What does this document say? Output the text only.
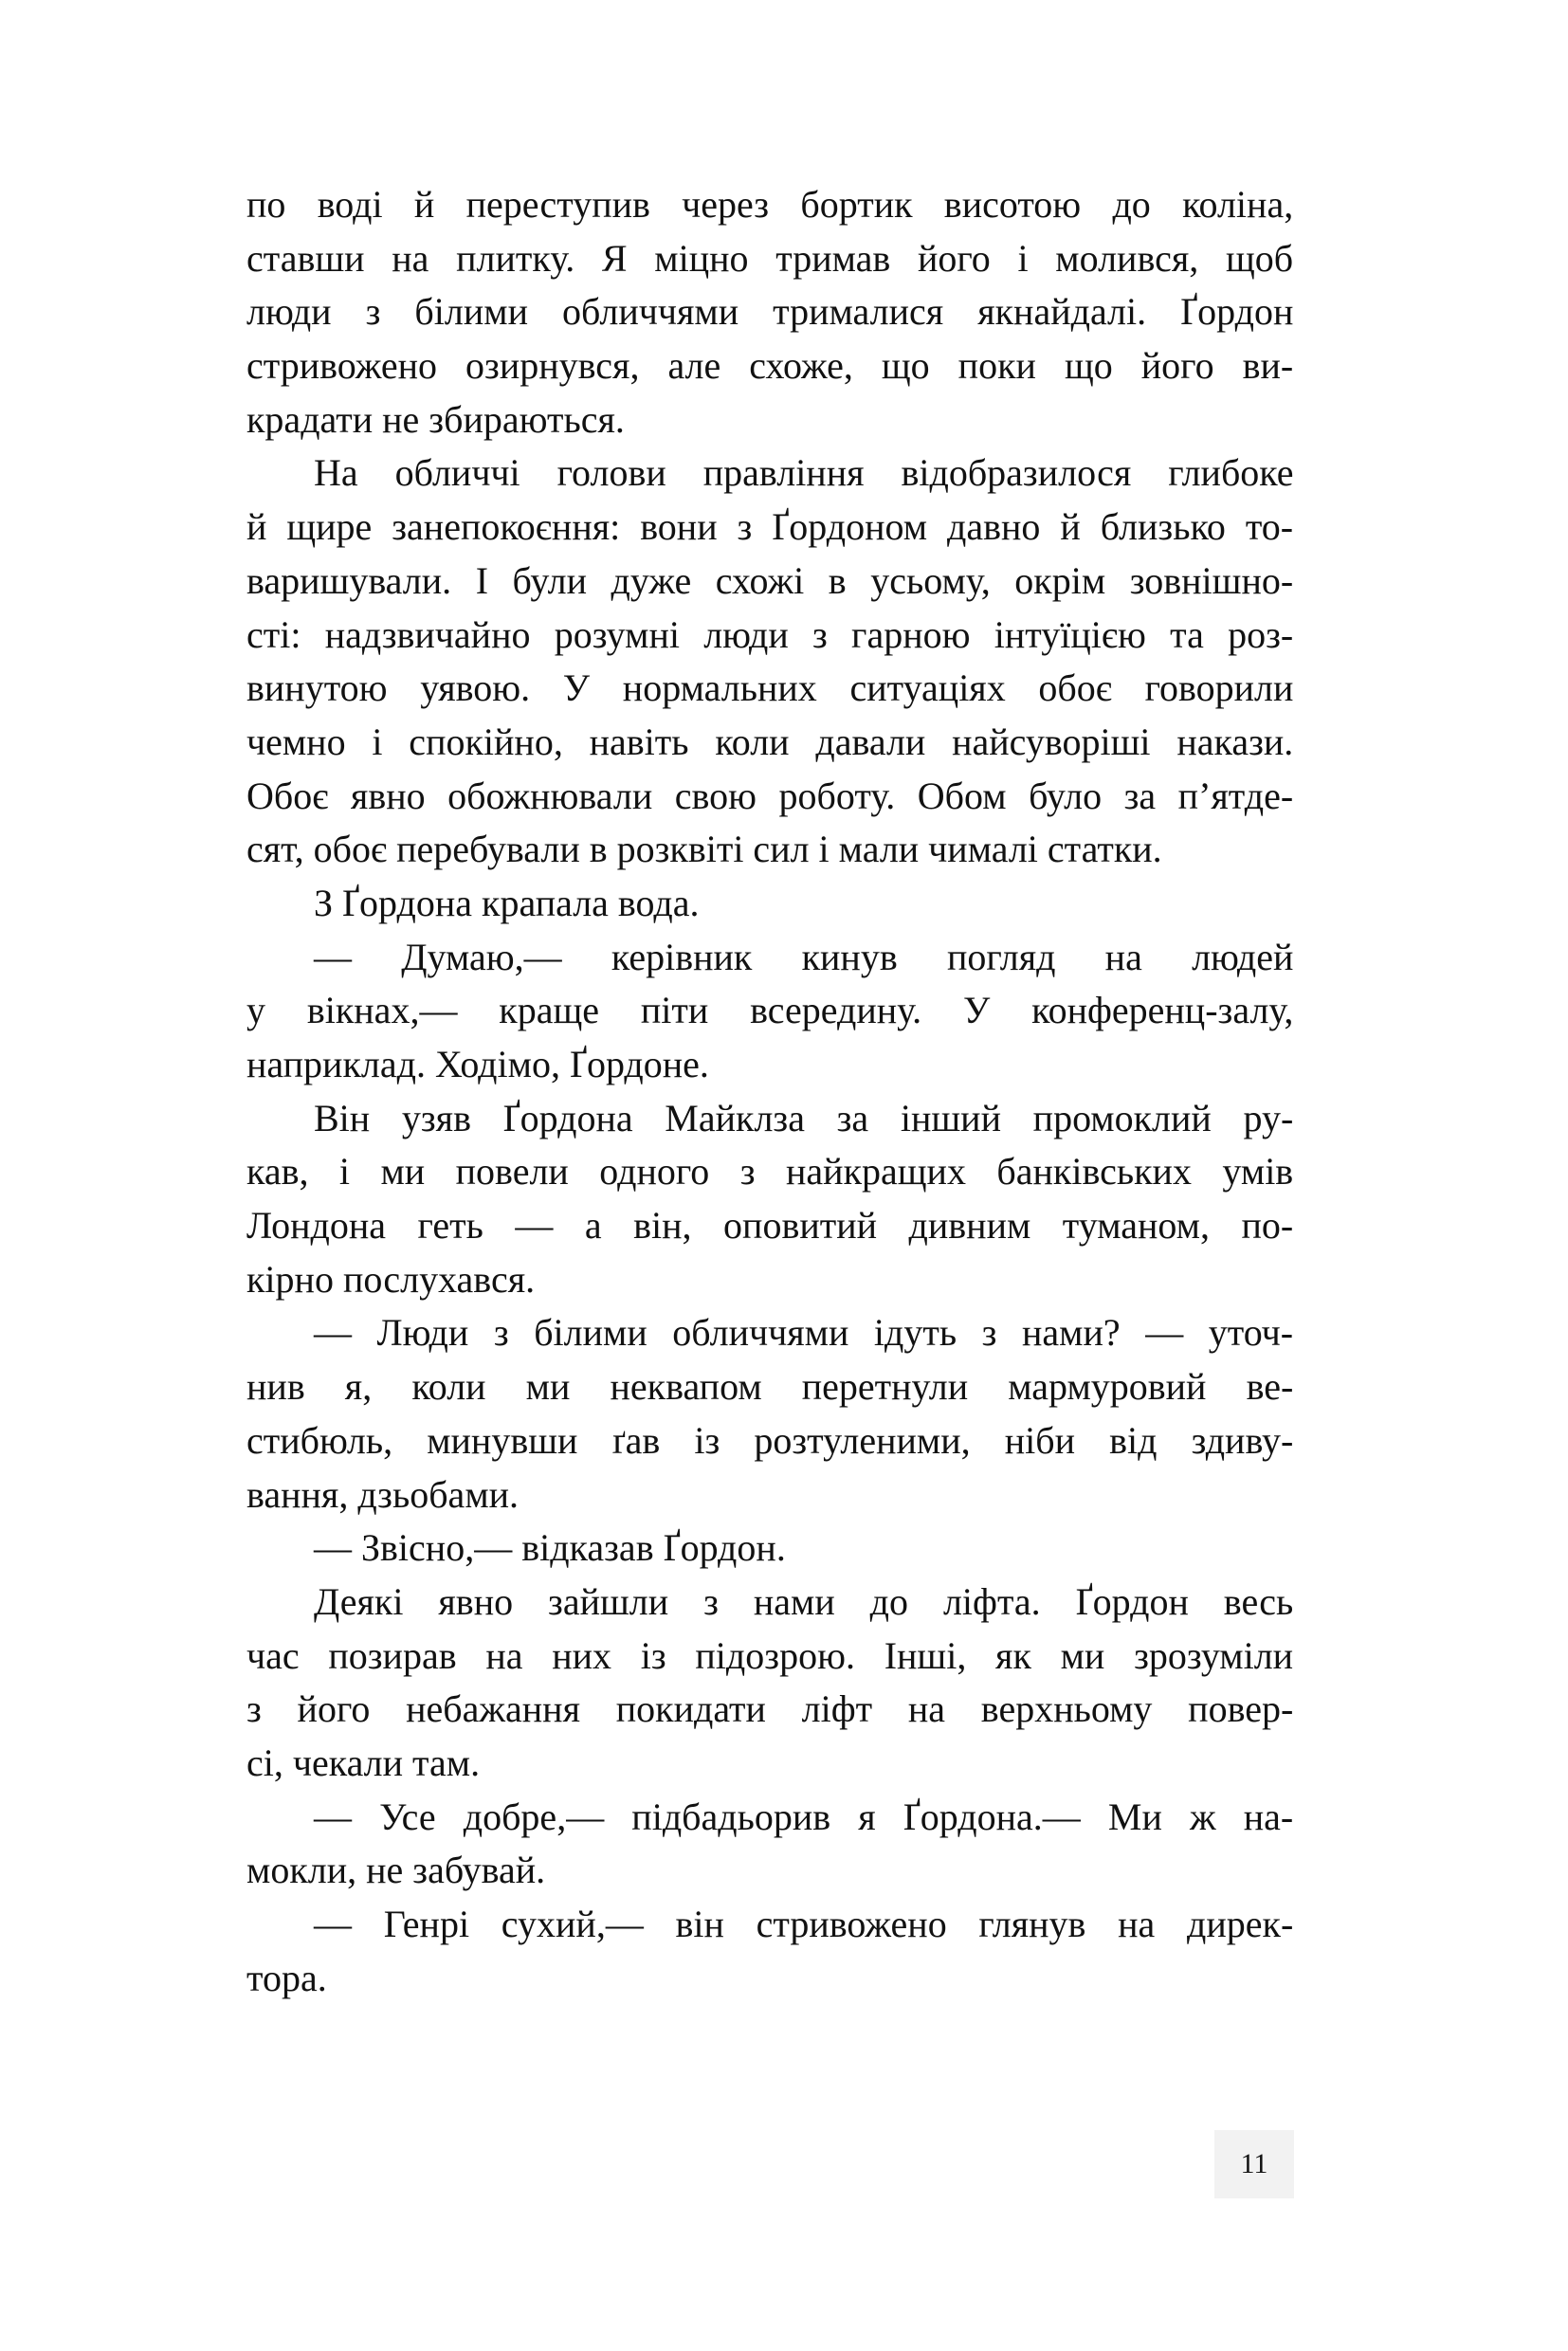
по воді й переступив через бортик висотою до коліна,
ставши на плитку. Я міцно тримав його і молився, щоб
люди з білими обличчями трималися якнайдалі. Ґордон
стривожено озирнувся, але схоже, що поки що його ви-
крадати не збираються.
На обличчі голови правління відобразилося глибоке
й щире занепокоєння: вони з Ґордоном давно й близько то-
варишували. І були дуже схожі в усьому, окрім зовнішно-
сті: надзвичайно розумні люди з гарною інтуїцією та роз-
винутою уявою. У нормальних ситуаціях обоє говорили
чемно і спокійно, навіть коли давали найсуворіші накази.
Обоє явно обожнювали свою роботу. Обом було за п’ятде-
сят, обоє перебували в розквіті сил і мали чималі статки.
З Ґордона крапала вода.
— Думаю,— керівник кинув погляд на людей
у вікнах,— краще піти всередину. У конференц-залу,
наприклад. Ходімо, Ґордоне.
Він узяв Ґордона Майклза за інший промоклий ру-
кав, і ми повели одного з найкращих банківських умів
Лондона геть — а він, оповитий дивним туманом, по-
кірно послухався.
— Люди з білими обличчями ідуть з нами? — уточ-
нив я, коли ми неквапом перетнули мармуровий ве-
стибюль, минувши ґав із розтуленими, ніби від здиву-
вання, дзьобами.
— Звісно,— відказав Ґордон.
Деякі явно зайшли з нами до ліфта. Ґордон весь
час позирав на них із підозрою. Інші, як ми зрозуміли
з його небажання покидати ліфт на верхньому повер-
сі, чекали там.
— Усе добре,— підбадьорив я Ґордона.— Ми ж на-
мокли, не забувай.
— Генрі сухий,— він стривожено глянув на дирек-
тора.
11
